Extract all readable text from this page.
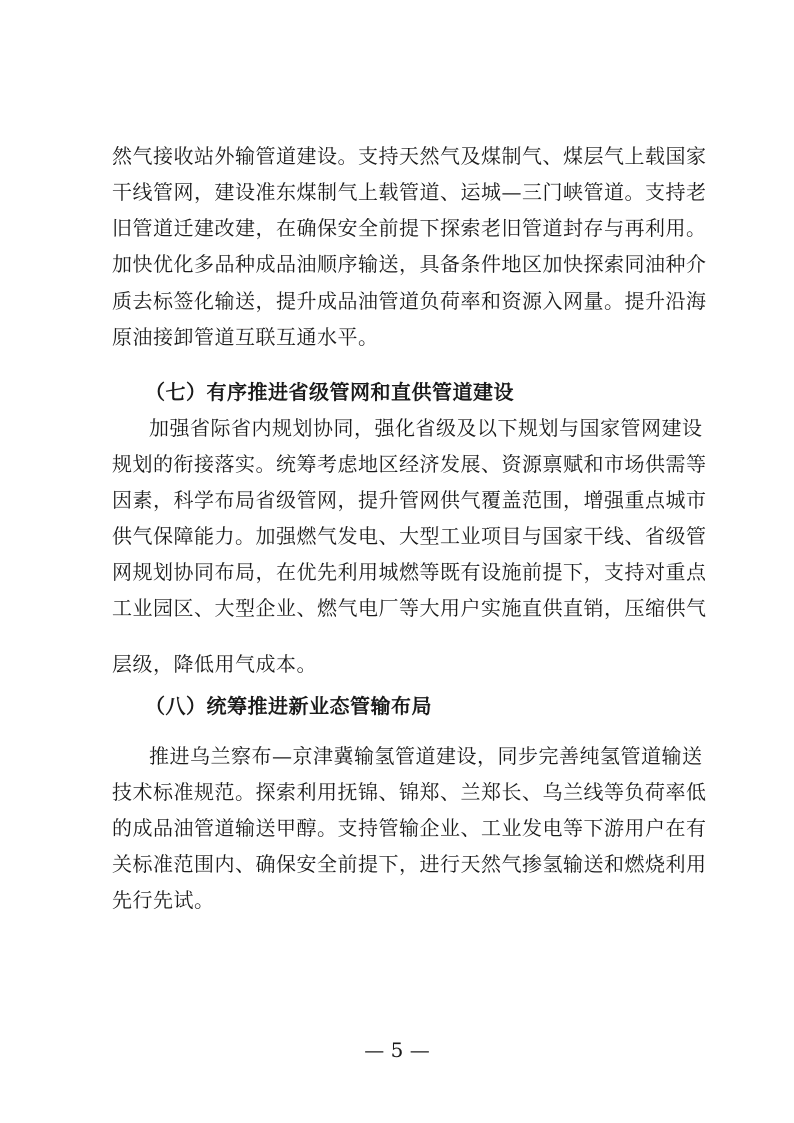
然气接收站外输管道建设。支持天然气及煤制气、煤层气上载国家
干线管网，建设准东煤制气上载管道、运城—三门峡管道。支持老
旧管道迁建改建，在确保安全前提下探索老旧管道封存与再利用。
加快优化多品种成品油顺序输送，具备条件地区加快探索同油种介
质去标签化输送，提升成品油管道负荷率和资源入网量。提升沿海
原油接卸管道互联互通水平。
（七）有序推进省级管网和直供管道建设
加强省际省内规划协同，强化省级及以下规划与国家管网建设
规划的衔接落实。统筹考虑地区经济发展、资源禀赋和市场供需等
因素，科学布局省级管网，提升管网供气覆盖范围，增强重点城市
供气保障能力。加强燃气发电、大型工业项目与国家干线、省级管
网规划协同布局，在优先利用城燃等既有设施前提下，支持对重点
工业园区、大型企业、燃气电厂等大用户实施直供直销，压缩供气
层级，降低用气成本。
（八）统筹推进新业态管输布局
推进乌兰察布—京津冀输氢管道建设，同步完善纯氢管道输送
技术标准规范。探索利用抚锦、锦郑、兰郑长、乌兰线等负荷率低
的成品油管道输送甲醇。支持管输企业、工业发电等下游用户在有
关标准范围内、确保安全前提下，进行天然气掺氢输送和燃烧利用
先行先试。
— 5 —
